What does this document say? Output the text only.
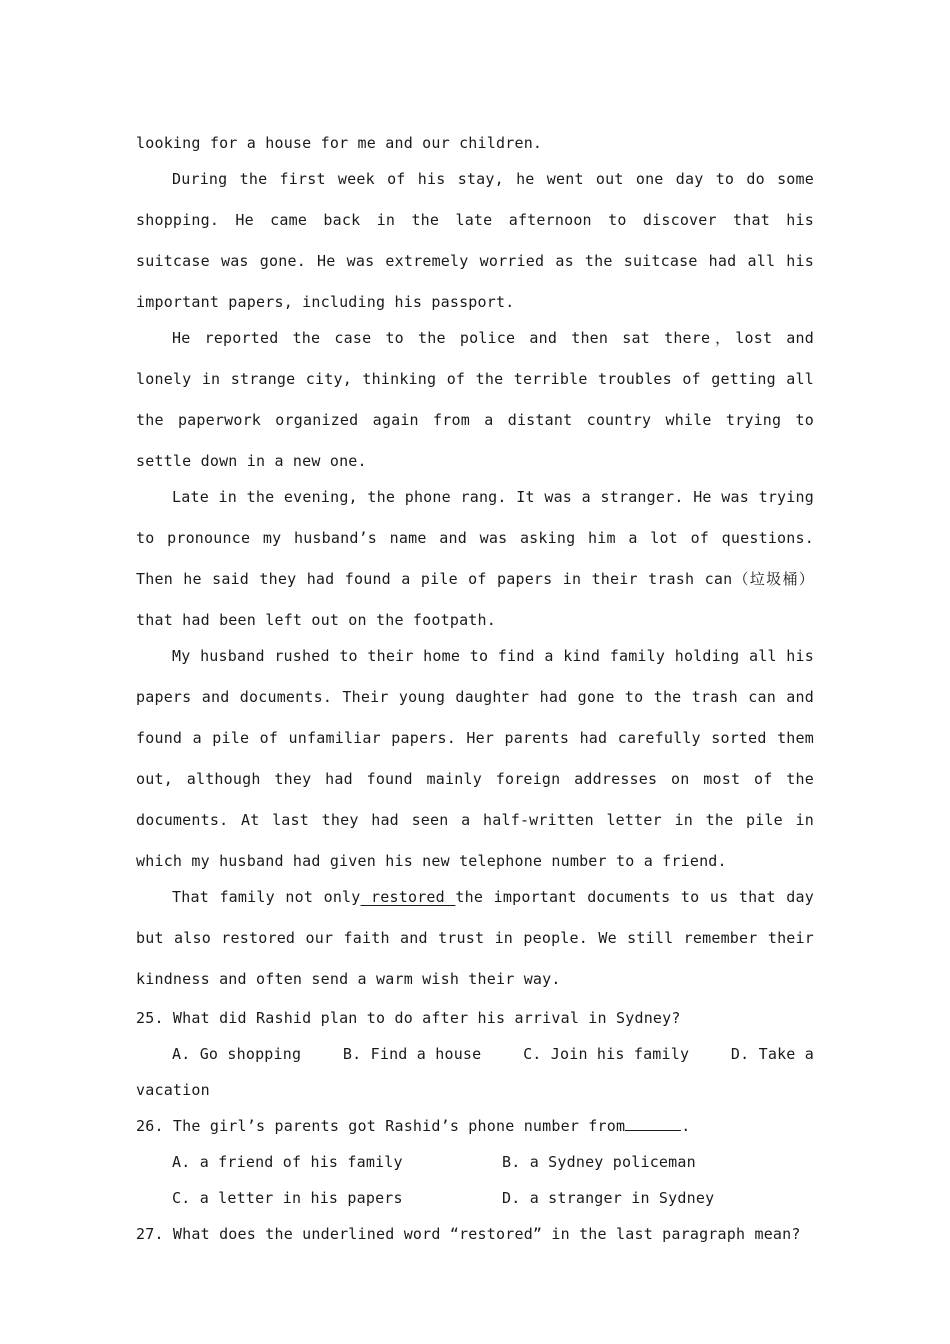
looking for a house for me and our children.

During the first week of his stay, he went out one day to do some shopping. He came back in the late afternoon to discover that his suitcase was gone. He was extremely worried as the suitcase had all his important papers, including his passport.

He reported the case to the police and then sat there，lost and lonely in strange city, thinking of the terrible troubles of getting all the paperwork organized again from a distant country while trying to settle down in a new one.

Late in the evening, the phone rang. It was a stranger. He was trying to pronounce my husband’s name and was asking him a lot of questions. Then he said they had found a pile of papers in their trash can（垃圾桶）that had been left out on the footpath.

My husband rushed to their home to find a kind family holding all his papers and documents. Their young daughter had gone to the trash can and found a pile of unfamiliar papers. Her parents had carefully sorted them out, although they had found mainly foreign addresses on most of the documents. At last they had seen a half-written letter in the pile in which my husband had given his new telephone number to a friend.

That family not only restored the important documents to us that day but also restored our faith and trust in people. We still remember their kindness and often send a warm wish their way.

25. What did Rashid plan to do after his arrival in Sydney?

A. Go shopping	B. Find a house	C. Join his family	D. Take a

vacation

26. The girl’s parents got Rashid’s phone number from	.

A. a friend of his family	B. a Sydney policeman
C. a letter in his papers	D. a stranger in Sydney

27. What does the underlined word “restored” in the last paragraph mean?
